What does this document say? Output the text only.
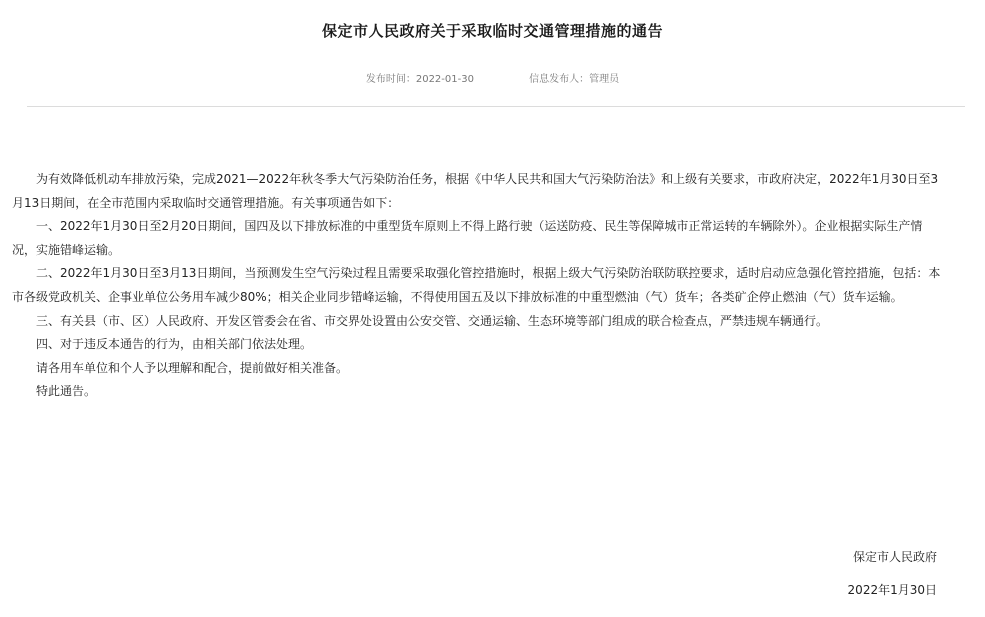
保定市人民政府关于采取临时交通管理措施的通告
发布时间：2022-01-30	信息发布人：管理员

为有效降低机动车排放污染，完成2021—2022年秋冬季大气污染防治任务，根据《中华人民共和国大气污染防治法》和上级有关要求，市政府决定，2022年1月30日至3月13日期间，在全市范围内采取临时交通管理措施。有关事项通告如下：

一、2022年1月30日至2月20日期间，国四及以下排放标准的中重型货车原则上不得上路行驶（运送防疫、民生等保障城市正常运转的车辆除外）。企业根据实际生产情况，实施错峰运输。

二、2022年1月30日至3月13日期间，当预测发生空气污染过程且需要采取强化管控措施时，根据上级大气污染防治联防联控要求，适时启动应急强化管控措施，包括：本市各级党政机关、企事业单位公务用车减少80%；相关企业同步错峰运输，不得使用国五及以下排放标准的中重型燃油（气）货车；各类矿企停止燃油（气）货车运输。

三、有关县（市、区）人民政府、开发区管委会在省、市交界处设置由公安交管、交通运输、生态环境等部门组成的联合检查点，严禁违规车辆通行。

四、对于违反本通告的行为，由相关部门依法处理。

请各用车单位和个人予以理解和配合，提前做好相关准备。

特此通告。

保定市人民政府
2022年1月30日
